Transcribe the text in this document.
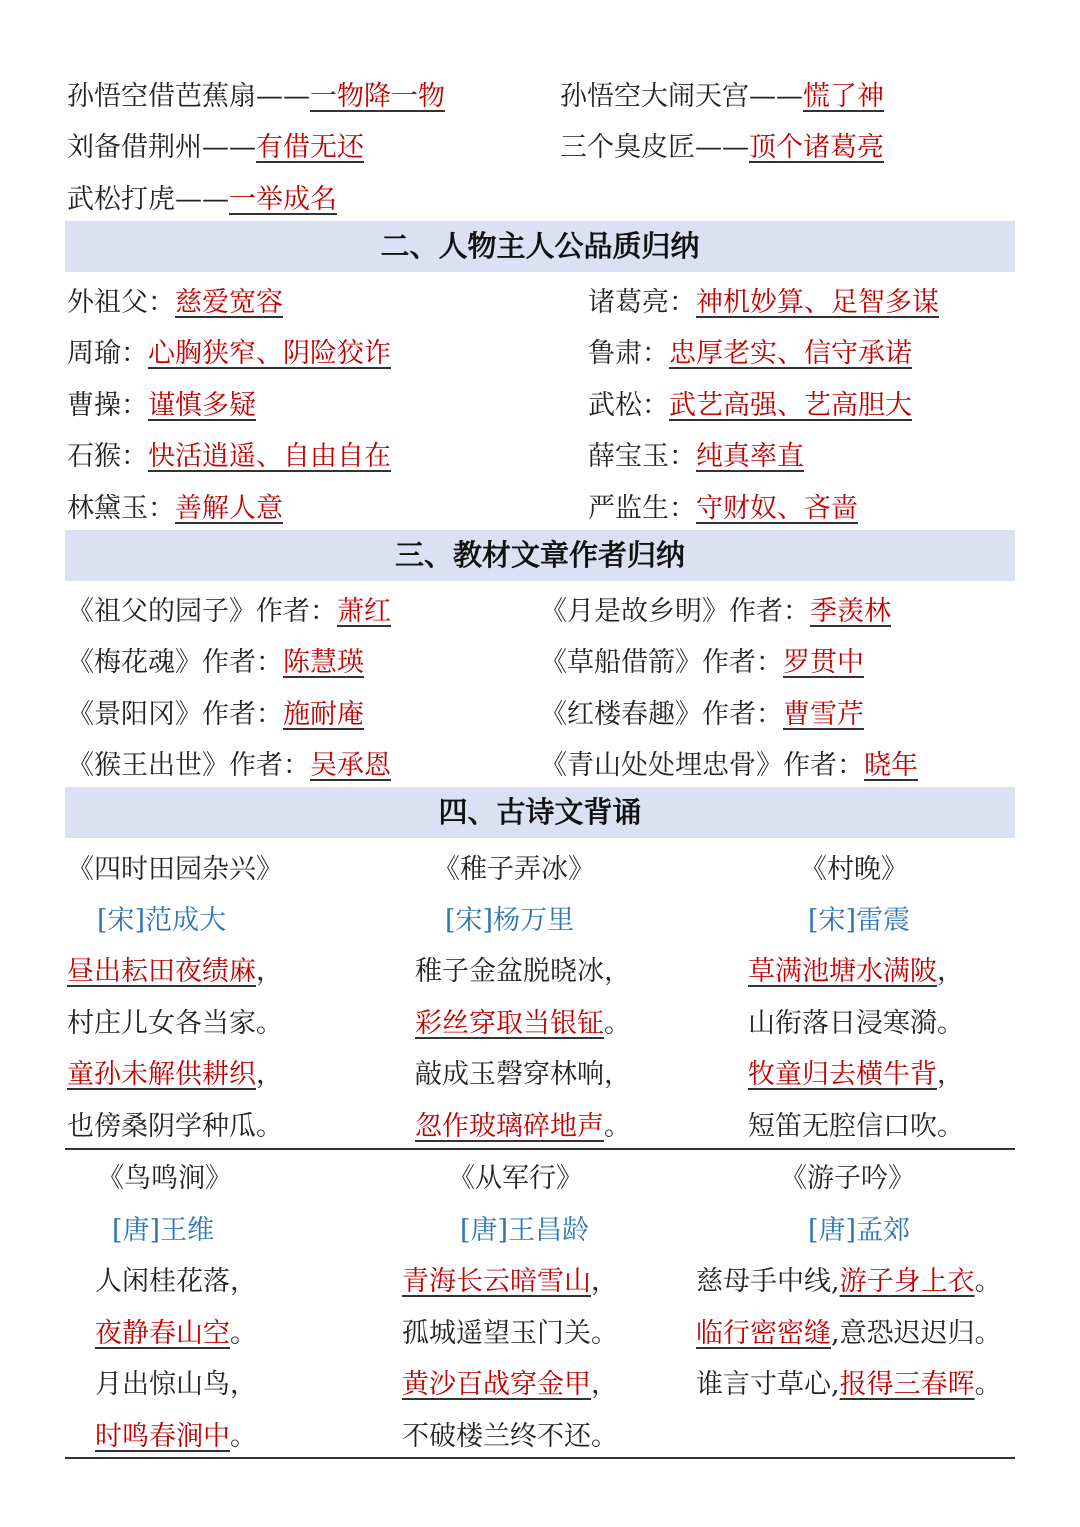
孙悟空借芭蕉扇——一物降一物	孙悟空大闹天宫——慌了神
刘备借荆州——有借无还	三个臭皮匠——顶个诸葛亮
武松打虎——一举成名
二、人物主人公品质归纳
外祖父：慈爱宽容	诸葛亮：神机妙算、足智多谋
周瑜：心胸狭窄、阴险狡诈	鲁肃：忠厚老实、信守承诺
曹操：谨慎多疑	武松：武艺高强、艺高胆大
石猴：快活逍遥、自由自在	薛宝玉：纯真率直
林黛玉：善解人意	严监生：守财奴、吝啬
三、教材文章作者归纳
《祖父的园子》作者：萧红	《月是故乡明》作者：季羡林
《梅花魂》作者：陈慧瑛	《草船借箭》作者：罗贯中
《景阳冈》作者：施耐庵	《红楼春趣》作者：曹雪芹
《猴王出世》作者：吴承恩	《青山处处埋忠骨》作者：晓年
四、古诗文背诵
《四时田园杂兴》
[宋]范成大
昼出耘田夜绩麻，
村庄儿女各当家。
童孙未解供耕织，
也傍桑阴学种瓜。
《稚子弄冰》
[宋]杨万里
稚子金盆脱晓冰，
彩丝穿取当银钲。
敲成玉磬穿林响，
忽作玻璃碎地声。
《村晚》
[宋]雷震
草满池塘水满陂，
山衔落日浸寒漪。
牧童归去横牛背，
短笛无腔信口吹。
《鸟鸣涧》
[唐]王维
人闲桂花落，
夜静春山空。
月出惊山鸟，
时鸣春涧中。
《从军行》
[唐]王昌龄
青海长云暗雪山，
孤城遥望玉门关。
黄沙百战穿金甲，
不破楼兰终不还。
《游子吟》
[唐]孟郊
慈母手中线,游子身上衣。
临行密密缝,意恐迟迟归。
谁言寸草心,报得三春晖。
